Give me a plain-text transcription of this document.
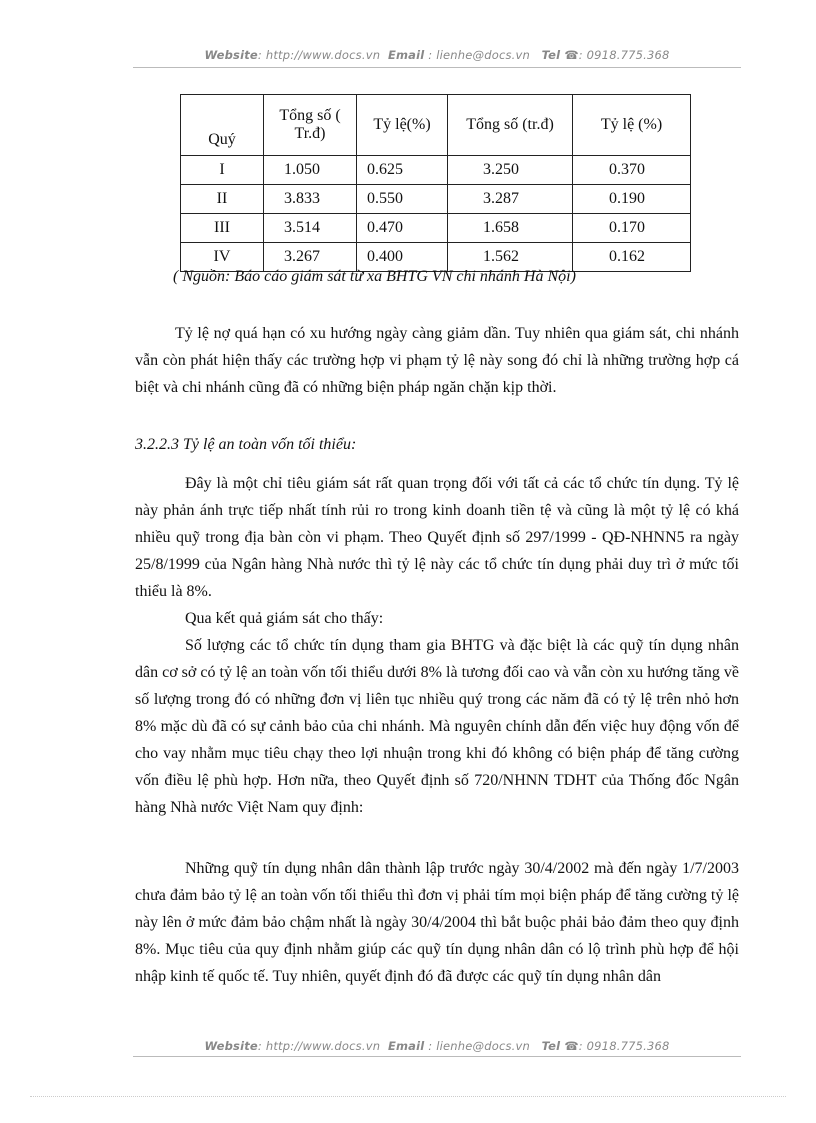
Website: http://www.docs.vn Email : lienhe@docs.vn Tel ☎: 0918.775.368
Quý	Tổng số ( Tr.đ)	Tỷ lệ(%)	Tổng số (tr.đ)	Tỷ lệ (%)
I	1.050	0.625	3.250	0.370
II	3.833	0.550	3.287	0.190
III	3.514	0.470	1.658	0.170
IV	3.267	0.400	1.562	0.162
( Nguồn: Báo cáo giám sát từ xa BHTG VN chi nhánh Hà Nội)

Tỷ lệ nợ quá hạn có xu hướng ngày càng giảm dần. Tuy nhiên qua giám sát, chi nhánh vẫn còn phát hiện thấy các trường hợp vi phạm tỷ lệ này song đó chỉ là những trường hợp cá biệt và chi nhánh cũng đã có những biện pháp ngăn chặn kịp thời.

3.2.2.3 Tỷ lệ an toàn vốn tối thiểu:

Đây là một chỉ tiêu giám sát rất quan trọng đối với tất cả các tổ chức tín dụng. Tỷ lệ này phản ánh trực tiếp nhất tính rủi ro trong kinh doanh tiền tệ và cũng là một tỷ lệ có khá nhiều quỹ trong địa bàn còn vi phạm. Theo Quyết định số 297/1999 - QĐ-NHNN5 ra ngày 25/8/1999 của Ngân hàng Nhà nước thì tỷ lệ này các tổ chức tín dụng phải duy trì ở mức tối thiểu là 8%.

Qua kết quả giám sát cho thấy:

Số lượng các tổ chức tín dụng tham gia BHTG và đặc biệt là các quỹ tín dụng nhân dân cơ sở có tỷ lệ an toàn vốn tối thiểu dưới 8% là tương đối cao và vẫn còn xu hướng tăng về số lượng trong đó có những đơn vị liên tục nhiều quý trong các năm đã có tỷ lệ trên nhỏ hơn 8% mặc dù đã có sự cảnh bảo của chi nhánh. Mà nguyên chính dẫn đến việc huy động vốn để cho vay nhằm mục tiêu chạy theo lợi nhuận trong khi đó không có biện pháp để tăng cường vốn điều lệ phù hợp. Hơn nữa, theo Quyết định số 720/NHNN TDHT của Thống đốc Ngân hàng Nhà nước Việt Nam quy định:

Những quỹ tín dụng nhân dân thành lập trước ngày 30/4/2002 mà đến ngày 1/7/2003 chưa đảm bảo tỷ lệ an toàn vốn tối thiểu thì đơn vị phải tím mọi biện pháp để tăng cường tỷ lệ này lên ở mức đảm bảo chậm nhất là ngày 30/4/2004 thì bắt buộc phải bảo đảm theo quy định 8%. Mục tiêu của quy định nhằm giúp các quỹ tín dụng nhân dân có lộ trình phù hợp để hội nhập kinh tế quốc tế. Tuy nhiên, quyết định đó đã được các quỹ tín dụng nhân dân

Website: http://www.docs.vn Email : lienhe@docs.vn Tel ☎: 0918.775.368
